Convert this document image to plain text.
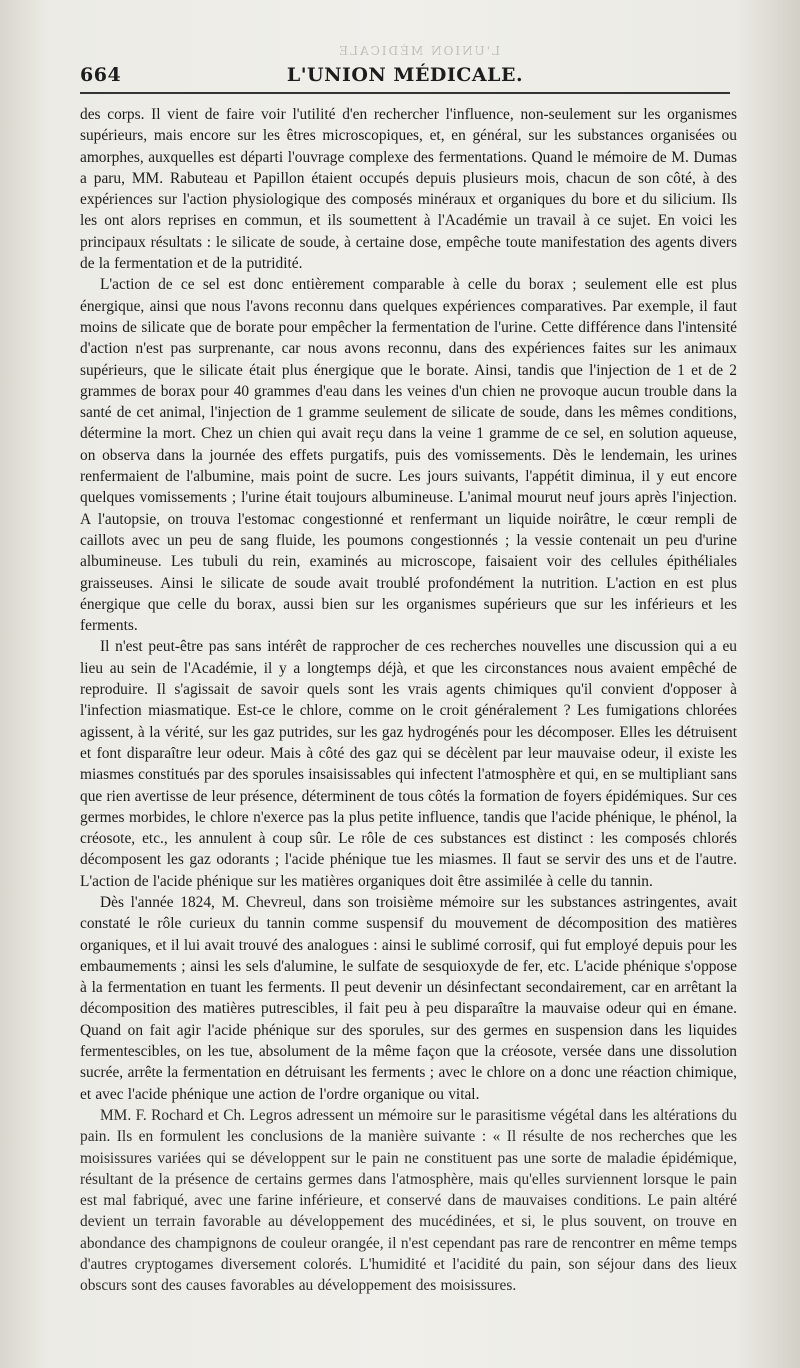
L'UNION MÉDICALE
664	L'UNION MÉDICALE.

des corps. Il vient de faire voir l'utilité d'en rechercher l'influence, non-seulement sur les organismes supérieurs, mais encore sur les êtres microscopiques, et, en général, sur les substances organisées ou amorphes, auxquelles est départi l'ouvrage complexe des fermentations. Quand le mémoire de M. Dumas a paru, MM. Rabuteau et Papillon étaient occupés depuis plusieurs mois, chacun de son côté, à des expériences sur l'action physiologique des composés minéraux et organiques du bore et du silicium. Ils les ont alors reprises en commun, et ils soumettent à l'Académie un travail à ce sujet. En voici les principaux résultats : le silicate de soude, à certaine dose, empêche toute manifestation des agents divers de la fermentation et de la putridité.

L'action de ce sel est donc entièrement comparable à celle du borax ; seulement elle est plus énergique, ainsi que nous l'avons reconnu dans quelques expériences comparatives. Par exemple, il faut moins de silicate que de borate pour empêcher la fermentation de l'urine. Cette différence dans l'intensité d'action n'est pas surprenante, car nous avons reconnu, dans des expériences faites sur les animaux supérieurs, que le silicate était plus énergique que le borate. Ainsi, tandis que l'injection de 1 et de 2 grammes de borax pour 40 grammes d'eau dans les veines d'un chien ne provoque aucun trouble dans la santé de cet animal, l'injection de 1 gramme seulement de silicate de soude, dans les mêmes conditions, détermine la mort. Chez un chien qui avait reçu dans la veine 1 gramme de ce sel, en solution aqueuse, on observa dans la journée des effets purgatifs, puis des vomissements. Dès le lendemain, les urines renfermaient de l'albumine, mais point de sucre. Les jours suivants, l'appétit diminua, il y eut encore quelques vomissements ; l'urine était toujours albumineuse. L'animal mourut neuf jours après l'injection. A l'autopsie, on trouva l'estomac congestionné et renfermant un liquide noirâtre, le cœur rempli de caillots avec un peu de sang fluide, les poumons congestionnés ; la vessie contenait un peu d'urine albumineuse. Les tubuli du rein, examinés au microscope, faisaient voir des cellules épithéliales graisseuses. Ainsi le silicate de soude avait troublé profondément la nutrition. L'action en est plus énergique que celle du borax, aussi bien sur les organismes supérieurs que sur les inférieurs et les ferments.

Il n'est peut-être pas sans intérêt de rapprocher de ces recherches nouvelles une discussion qui a eu lieu au sein de l'Académie, il y a longtemps déjà, et que les circonstances nous avaient empêché de reproduire. Il s'agissait de savoir quels sont les vrais agents chimiques qu'il convient d'opposer à l'infection miasmatique. Est-ce le chlore, comme on le croit généralement ? Les fumigations chlorées agissent, à la vérité, sur les gaz putrides, sur les gaz hydrogénés pour les décomposer. Elles les détruisent et font disparaître leur odeur. Mais à côté des gaz qui se décèlent par leur mauvaise odeur, il existe les miasmes constitués par des sporules insaisissables qui infectent l'atmosphère et qui, en se multipliant sans que rien avertisse de leur présence, déterminent de tous côtés la formation de foyers épidémiques. Sur ces germes morbides, le chlore n'exerce pas la plus petite influence, tandis que l'acide phénique, le phénol, la créosote, etc., les annulent à coup sûr. Le rôle de ces substances est distinct : les composés chlorés décomposent les gaz odorants ; l'acide phénique tue les miasmes. Il faut se servir des uns et de l'autre. L'action de l'acide phénique sur les matières organiques doit être assimilée à celle du tannin.

Dès l'année 1824, M. Chevreul, dans son troisième mémoire sur les substances astringentes, avait constaté le rôle curieux du tannin comme suspensif du mouvement de décomposition des matières organiques, et il lui avait trouvé des analogues : ainsi le sublimé corrosif, qui fut employé depuis pour les embaumements ; ainsi les sels d'alumine, le sulfate de sesquioxyde de fer, etc. L'acide phénique s'oppose à la fermentation en tuant les ferments. Il peut devenir un désinfectant secondairement, car en arrêtant la décomposition des matières putrescibles, il fait peu à peu disparaître la mauvaise odeur qui en émane. Quand on fait agir l'acide phénique sur des sporules, sur des germes en suspension dans les liquides fermentescibles, on les tue, absolument de la même façon que la créosote, versée dans une dissolution sucrée, arrête la fermentation en détruisant les ferments ; avec le chlore on a donc une réaction chimique, et avec l'acide phénique une action de l'ordre organique ou vital.

MM. F. Rochard et Ch. Legros adressent un mémoire sur le parasitisme végétal dans les altérations du pain. Ils en formulent les conclusions de la manière suivante : « Il résulte de nos recherches que les moisissures variées qui se développent sur le pain ne constituent pas une sorte de maladie épidémique, résultant de la présence de certains germes dans l'atmosphère, mais qu'elles surviennent lorsque le pain est mal fabriqué, avec une farine inférieure, et conservé dans de mauvaises conditions. Le pain altéré devient un terrain favorable au développement des mucédinées, et si, le plus souvent, on trouve en abondance des champignons de couleur orangée, il n'est cependant pas rare de rencontrer en même temps d'autres cryptogames diversement colorés. L'humidité et l'acidité du pain, son séjour dans des lieux obscurs sont des causes favorables au développement des moisissures.
